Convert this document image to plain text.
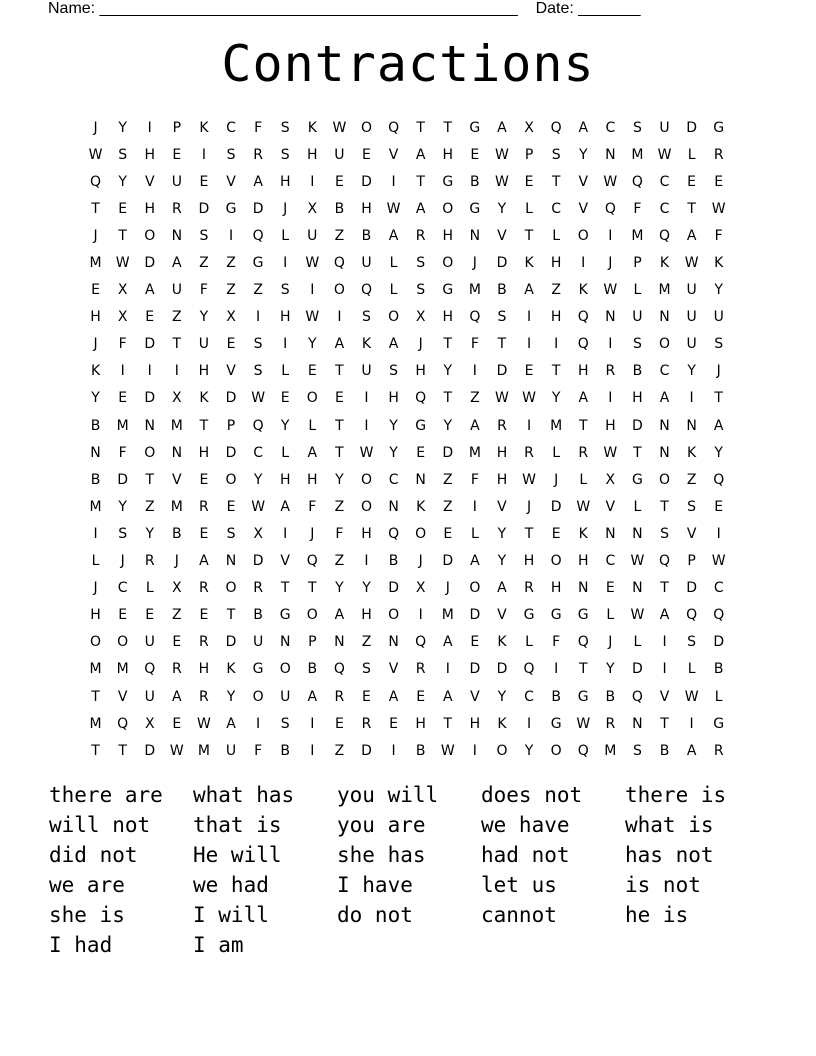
Name: _______________________________________________    Date: _______
Contractions
J	Y	I	P	K	C	F	S	K	W	O	Q	T	T	G	A	X	Q	A	C	S	U	D	G
W	S	H	E	I	S	R	S	H	U	E	V	A	H	E	W	P	S	Y	N	M	W	L	R
Q	Y	V	U	E	V	A	H	I	E	D	I	T	G	B	W	E	T	V	W	Q	C	E	E
T	E	H	R	D	G	D	J	X	B	H	W	A	O	G	Y	L	C	V	Q	F	C	T	W
J	T	O	N	S	I	Q	L	U	Z	B	A	R	H	N	V	T	L	O	I	M	Q	A	F
M	W	D	A	Z	Z	G	I	W	Q	U	L	S	O	J	D	K	H	I	J	P	K	W	K
E	X	A	U	F	Z	Z	S	I	O	Q	L	S	G	M	B	A	Z	K	W	L	M	U	Y
H	X	E	Z	Y	X	I	H	W	I	S	O	X	H	Q	S	I	H	Q	N	U	N	U	U
J	F	D	T	U	E	S	I	Y	A	K	A	J	T	F	T	I	I	Q	I	S	O	U	S
K	I	I	I	H	V	S	L	E	T	U	S	H	Y	I	D	E	T	H	R	B	C	Y	J
Y	E	D	X	K	D	W	E	O	E	I	H	Q	T	Z	W W	Y	A	I	H	A	I	T
B	M	N	M	T	P	Q	Y	L	T	I	Y	G	Y	A	R	I	M	T	H	D	N	N	A
N	F	O	N	H	D	C	L	A	T	W	Y	E	D	M	H	R	L	R	W	T	N	K	Y
B	D	T	V	E	O	Y	H	H	Y	O	C	N	Z	F	H	W	J	L	X	G	O	Z	Q
M	Y	Z	M	R	E	W	A	F	Z	O	N	K	Z	I	V	J	D	W	V	L	T	S	E
I	S	Y	B	E	S	X	I	J	F	H	Q	O	E	L	Y	T	E	K	N	N	S	V	I
L	J	R	J	A	N	D	V	Q	Z	I	B	J	D	A	Y	H	O	H	C	W	Q	P	W
J	C	L	X	R	O	R	T	T	Y	Y	D	X	J	O	A	R	H	N	E	N	T	D	C
H	E	E	Z	E	T	B	G	O	A	H	O	I	M	D	V	G	G	G	L	W	A	Q	Q
O	O	U	E	R	D	U	N	P	N	Z	N	Q	A	E	K	L	F	Q	J	L	I	S	D
M	M	Q	R	H	K	G	O	B	Q	S	V	R	I	D	D	Q	I	T	Y	D	I	L	B
T	V	U	A	R	Y	O	U	A	R	E	A	E	A	V	Y	C	B	G	B	Q	V	W	L
M	Q	X	E	W	A	I	S	I	E	R	E	H	T	H	K	I	G	W	R	N	T	I	G
T	T	D	W	M	U	F	B	I	Z	D	I	B	W	I	O	Y	O	Q	M	S	B	A	R
there are	what has	you will	does not	there is
will not	that is	you are	we have	what is
did not	He will	she has	had not	has not
we are	we had	I have	let us	is not
she is	I will	do not	cannot	he is
I had	I am
